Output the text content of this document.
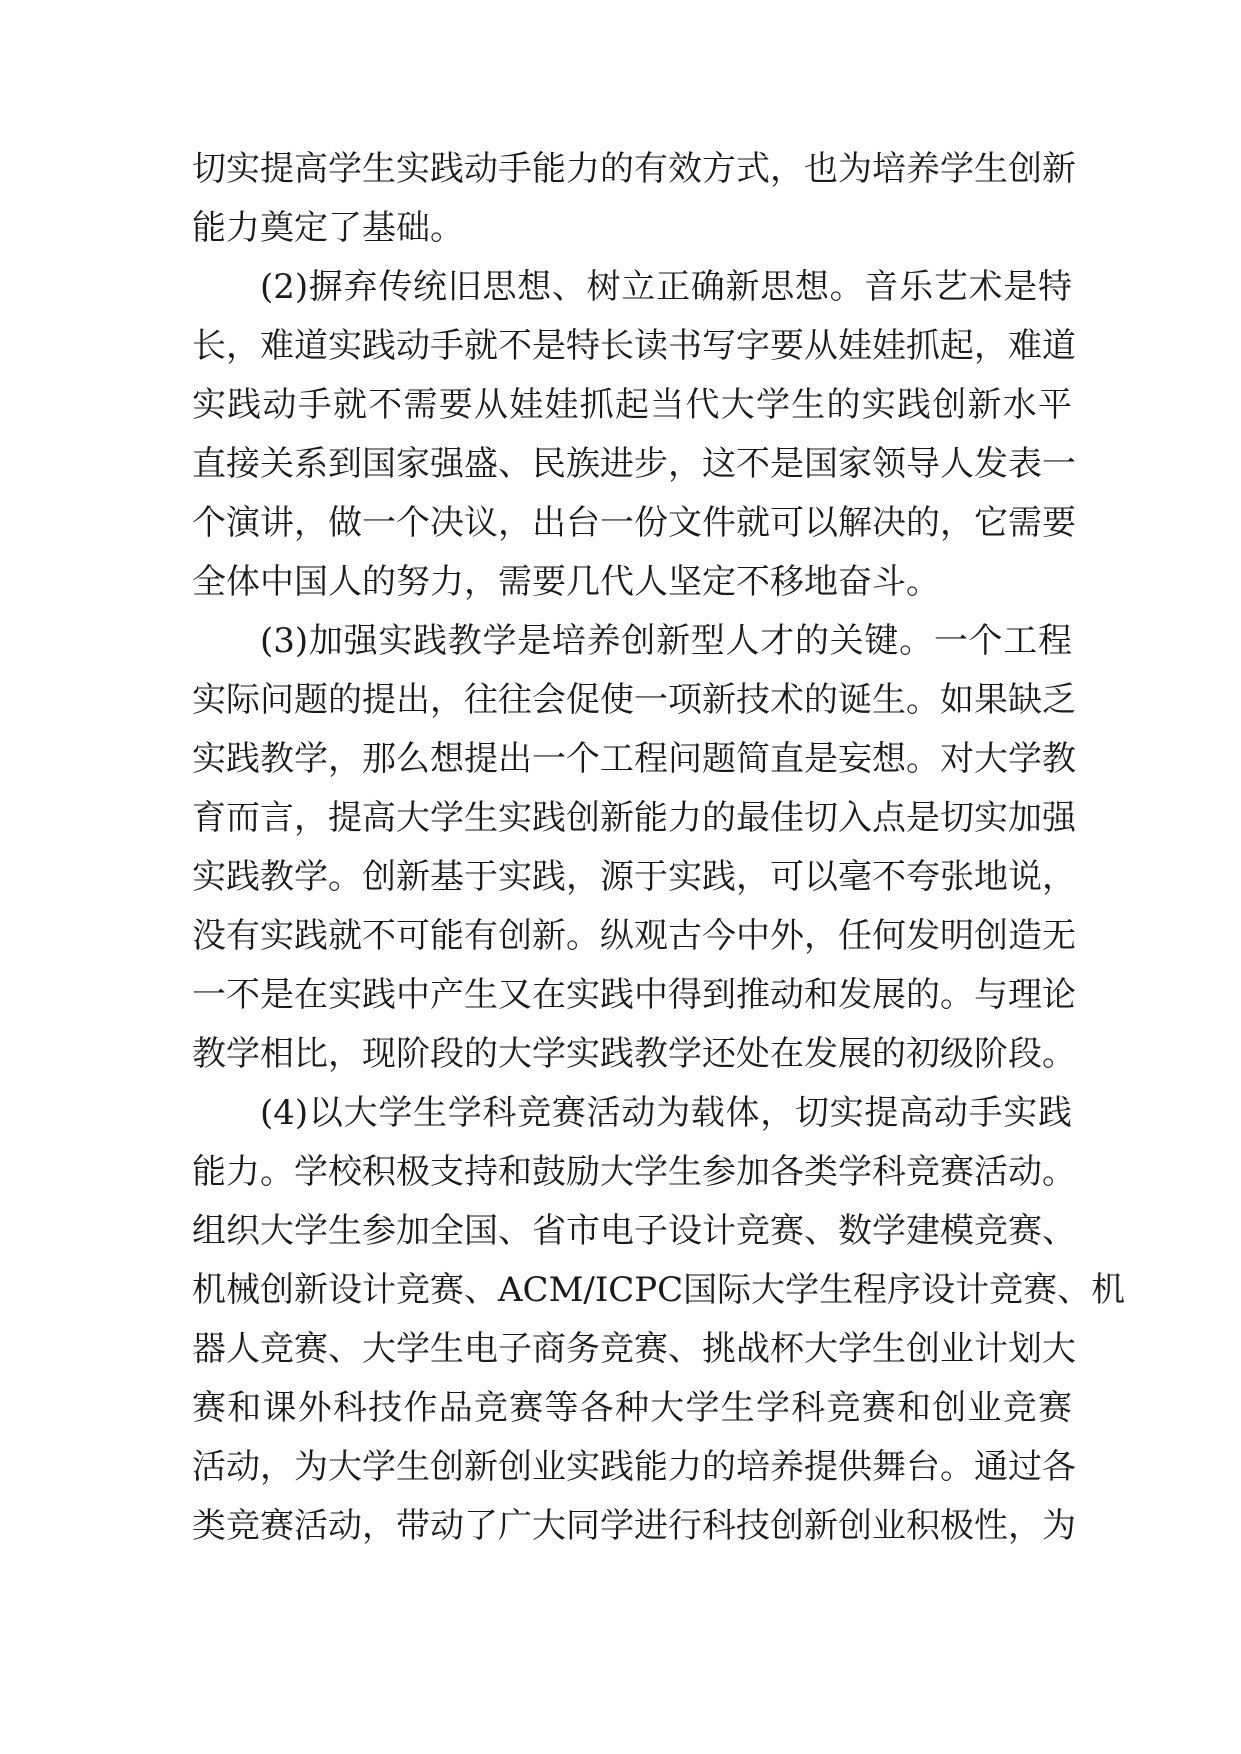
切实提高学生实践动手能力的有效方式，也为培养学生创新
能力奠定了基础。
(2)摒弃传统旧思想、树立正确新思想。音乐艺术是特
长，难道实践动手就不是特长读书写字要从娃娃抓起，难道
实践动手就不需要从娃娃抓起当代大学生的实践创新水平
直接关系到国家强盛、民族进步，这不是国家领导人发表一
个演讲，做一个决议，出台一份文件就可以解决的，它需要
全体中国人的努力，需要几代人坚定不移地奋斗。
(3)加强实践教学是培养创新型人才的关键。一个工程
实际问题的提出，往往会促使一项新技术的诞生。如果缺乏
实践教学，那么想提出一个工程问题简直是妄想。对大学教
育而言，提高大学生实践创新能力的最佳切入点是切实加强
实践教学。创新基于实践，源于实践，可以毫不夸张地说，
没有实践就不可能有创新。纵观古今中外，任何发明创造无
一不是在实践中产生又在实践中得到推动和发展的。与理论
教学相比，现阶段的大学实践教学还处在发展的初级阶段。
(4)以大学生学科竞赛活动为载体，切实提高动手实践
能力。学校积极支持和鼓励大学生参加各类学科竞赛活动。
组织大学生参加全国、省市电子设计竞赛、数学建模竞赛、
机械创新设计竞赛、ACM/ICPC国际大学生程序设计竞赛、机
器人竞赛、大学生电子商务竞赛、挑战杯大学生创业计划大
赛和课外科技作品竞赛等各种大学生学科竞赛和创业竞赛
活动，为大学生创新创业实践能力的培养提供舞台。通过各
类竞赛活动，带动了广大同学进行科技创新创业积极性，为
